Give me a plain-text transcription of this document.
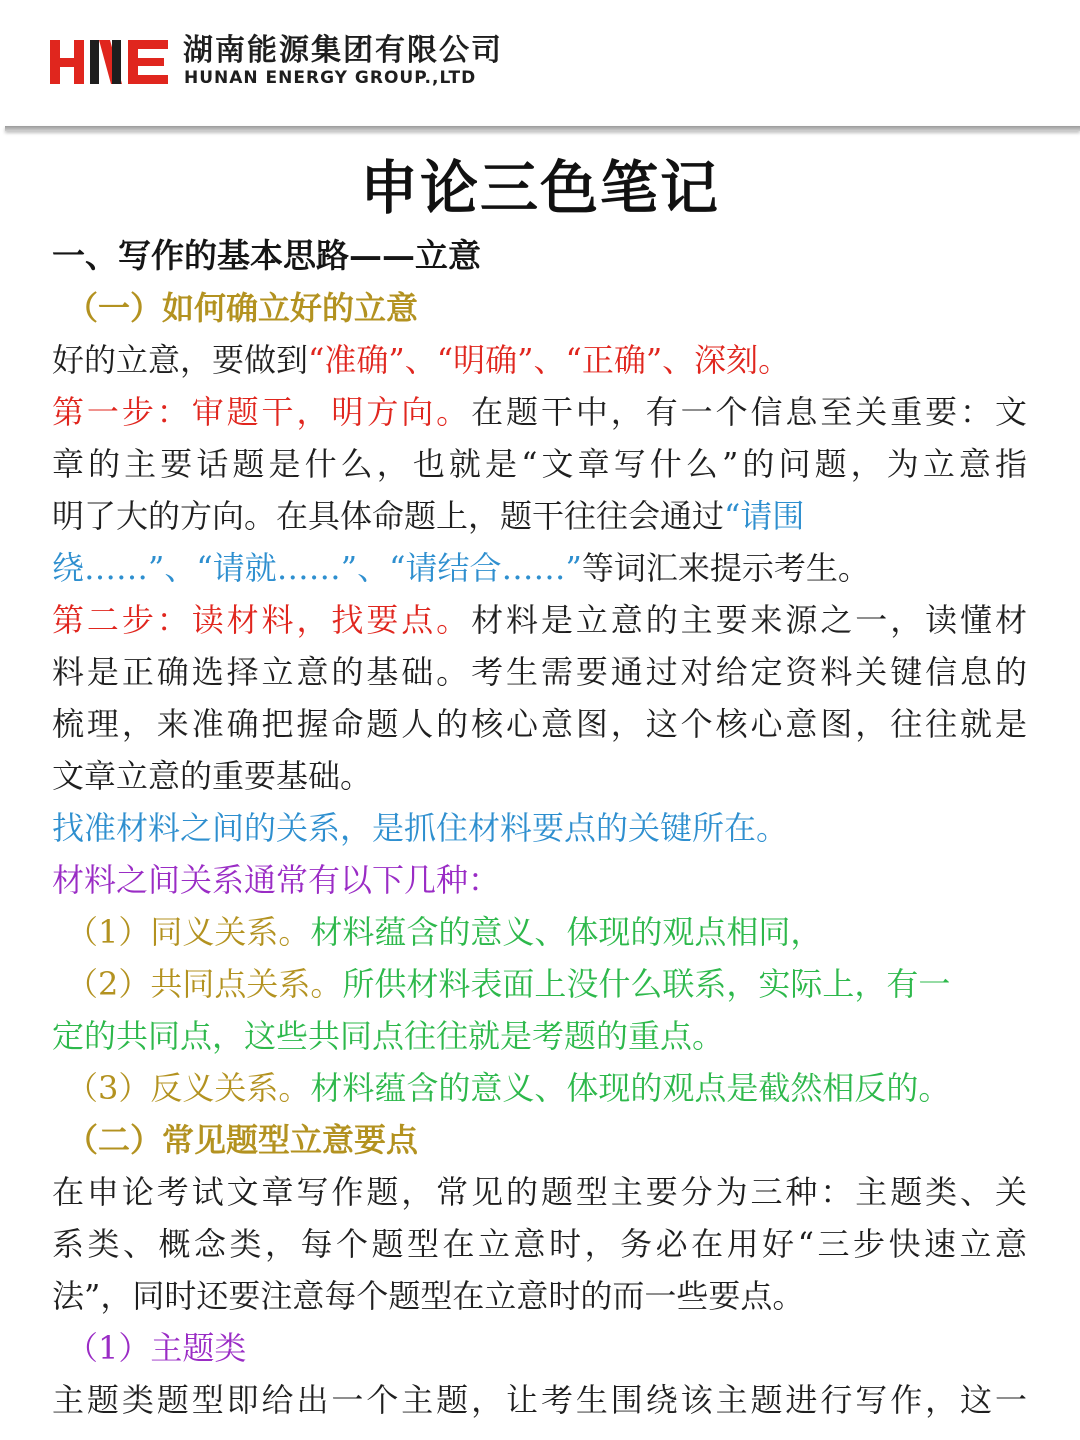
湖南能源集团有限公司
HUNAN ENERGY GROUP.,LTD
申论三色笔记
一、写作的基本思路——立意
（一）如何确立好的立意
好的立意，要做到“准确”、“明确”、“正确”、深刻。
第一步：审题干，明方向。在题干中，有一个信息至关重要：文
章的主要话题是什么，也就是“文章写什么”的问题，为立意指
明了大的方向。在具体命题上，题干往往会通过“请围
绕……”、“请就……”、“请结合……”等词汇来提示考生。
第二步：读材料，找要点。材料是立意的主要来源之一，读懂材
料是正确选择立意的基础。考生需要通过对给定资料关键信息的
梳理，来准确把握命题人的核心意图，这个核心意图，往往就是
文章立意的重要基础。
找准材料之间的关系，是抓住材料要点的关键所在。
材料之间关系通常有以下几种：
（1）同义关系。材料蕴含的意义、体现的观点相同，
（2）共同点关系。所供材料表面上没什么联系，实际上，有一
定的共同点，这些共同点往往就是考题的重点。
（3）反义关系。材料蕴含的意义、体现的观点是截然相反的。
（二）常见题型立意要点
在申论考试文章写作题，常见的题型主要分为三种：主题类、关
系类、概念类，每个题型在立意时，务必在用好“三步快速立意
法”，同时还要注意每个题型在立意时的而一些要点。
（1）主题类
主题类题型即给出一个主题，让考生围绕该主题进行写作，这一
